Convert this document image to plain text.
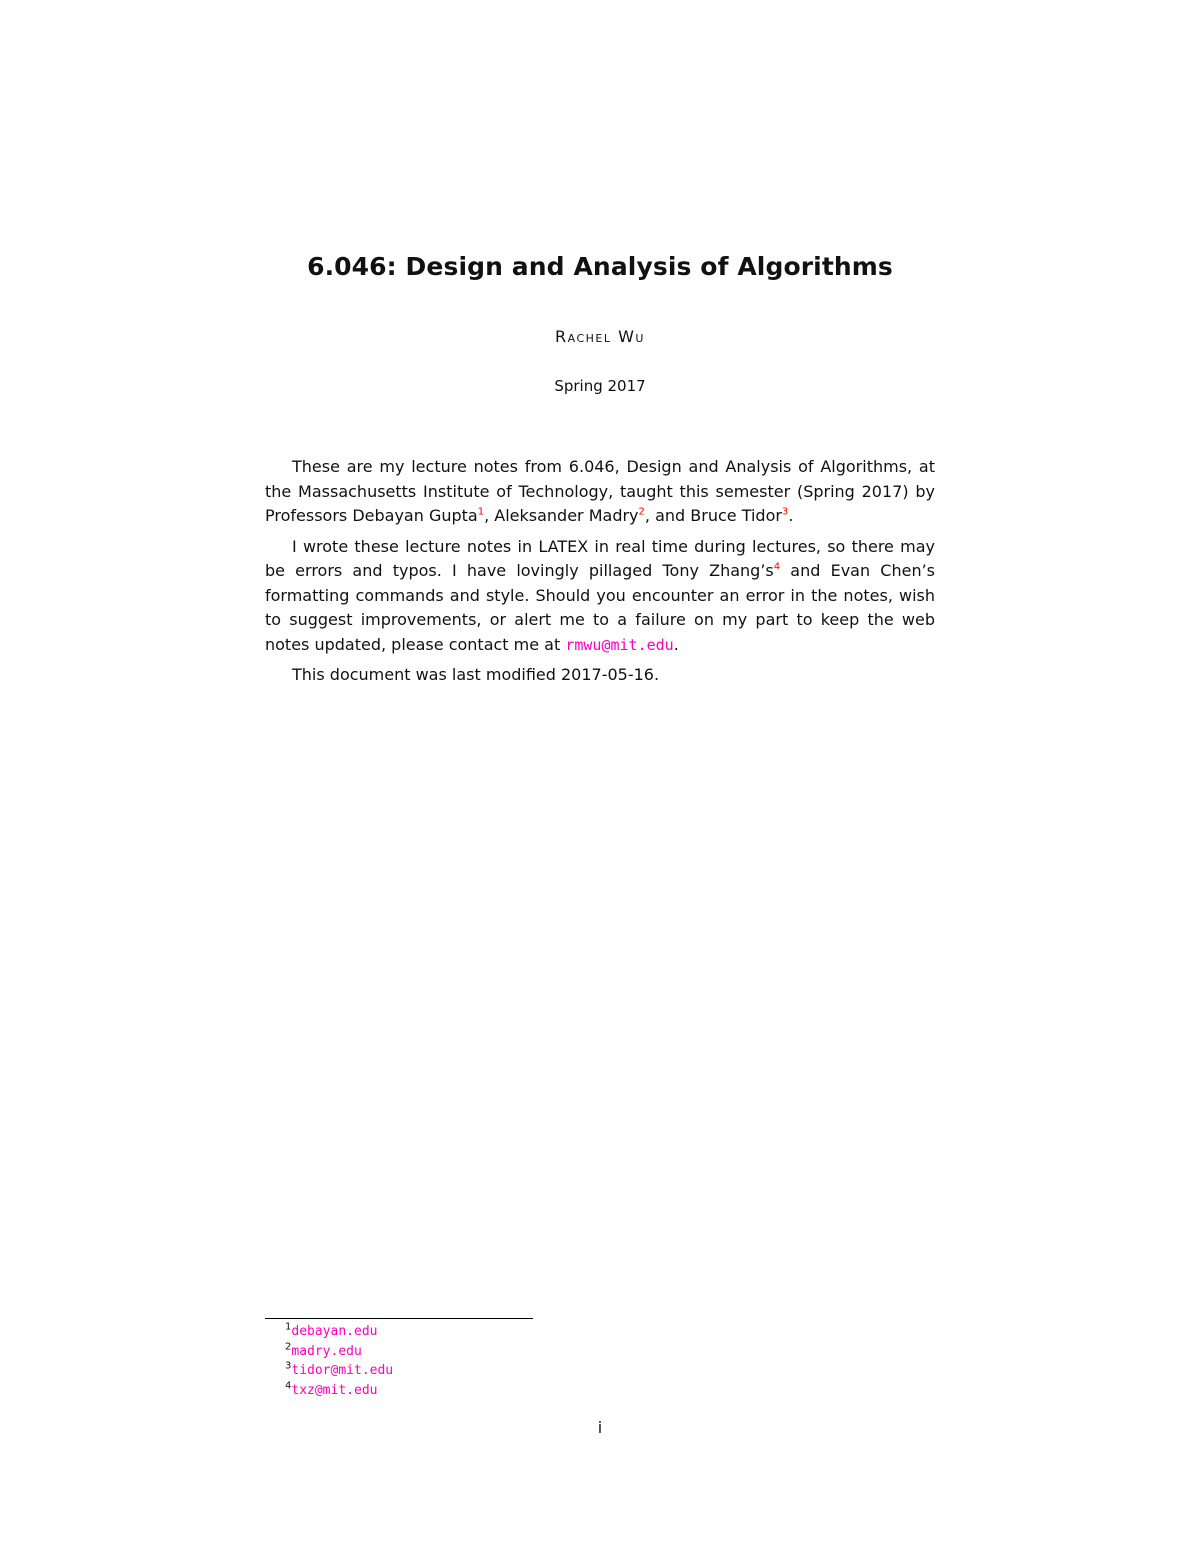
6.046: Design and Analysis of Algorithms
Rachel Wu
Spring 2017

These are my lecture notes from 6.046, Design and Analysis of Algorithms, at the Massachusetts Institute of Technology, taught this semester (Spring 2017) by Professors Debayan Gupta$^1$, Aleksander Madry$^2$, and Bruce Tidor$^3$.

I wrote these lecture notes in LATEX in real time during lectures, so there may be errors and typos. I have lovingly pillaged Tony Zhang’s$^4$ and Evan Chen’s formatting commands and style. Should you encounter an error in the notes, wish to suggest improvements, or alert me to a failure on my part to keep the web notes updated, please contact me at rmwu@mit.edu.

This document was last modified 2017-05-16.

$^1$debayan.edu
$^2$madry.edu
$^3$tidor@mit.edu
$^4$txz@mit.edu
i
